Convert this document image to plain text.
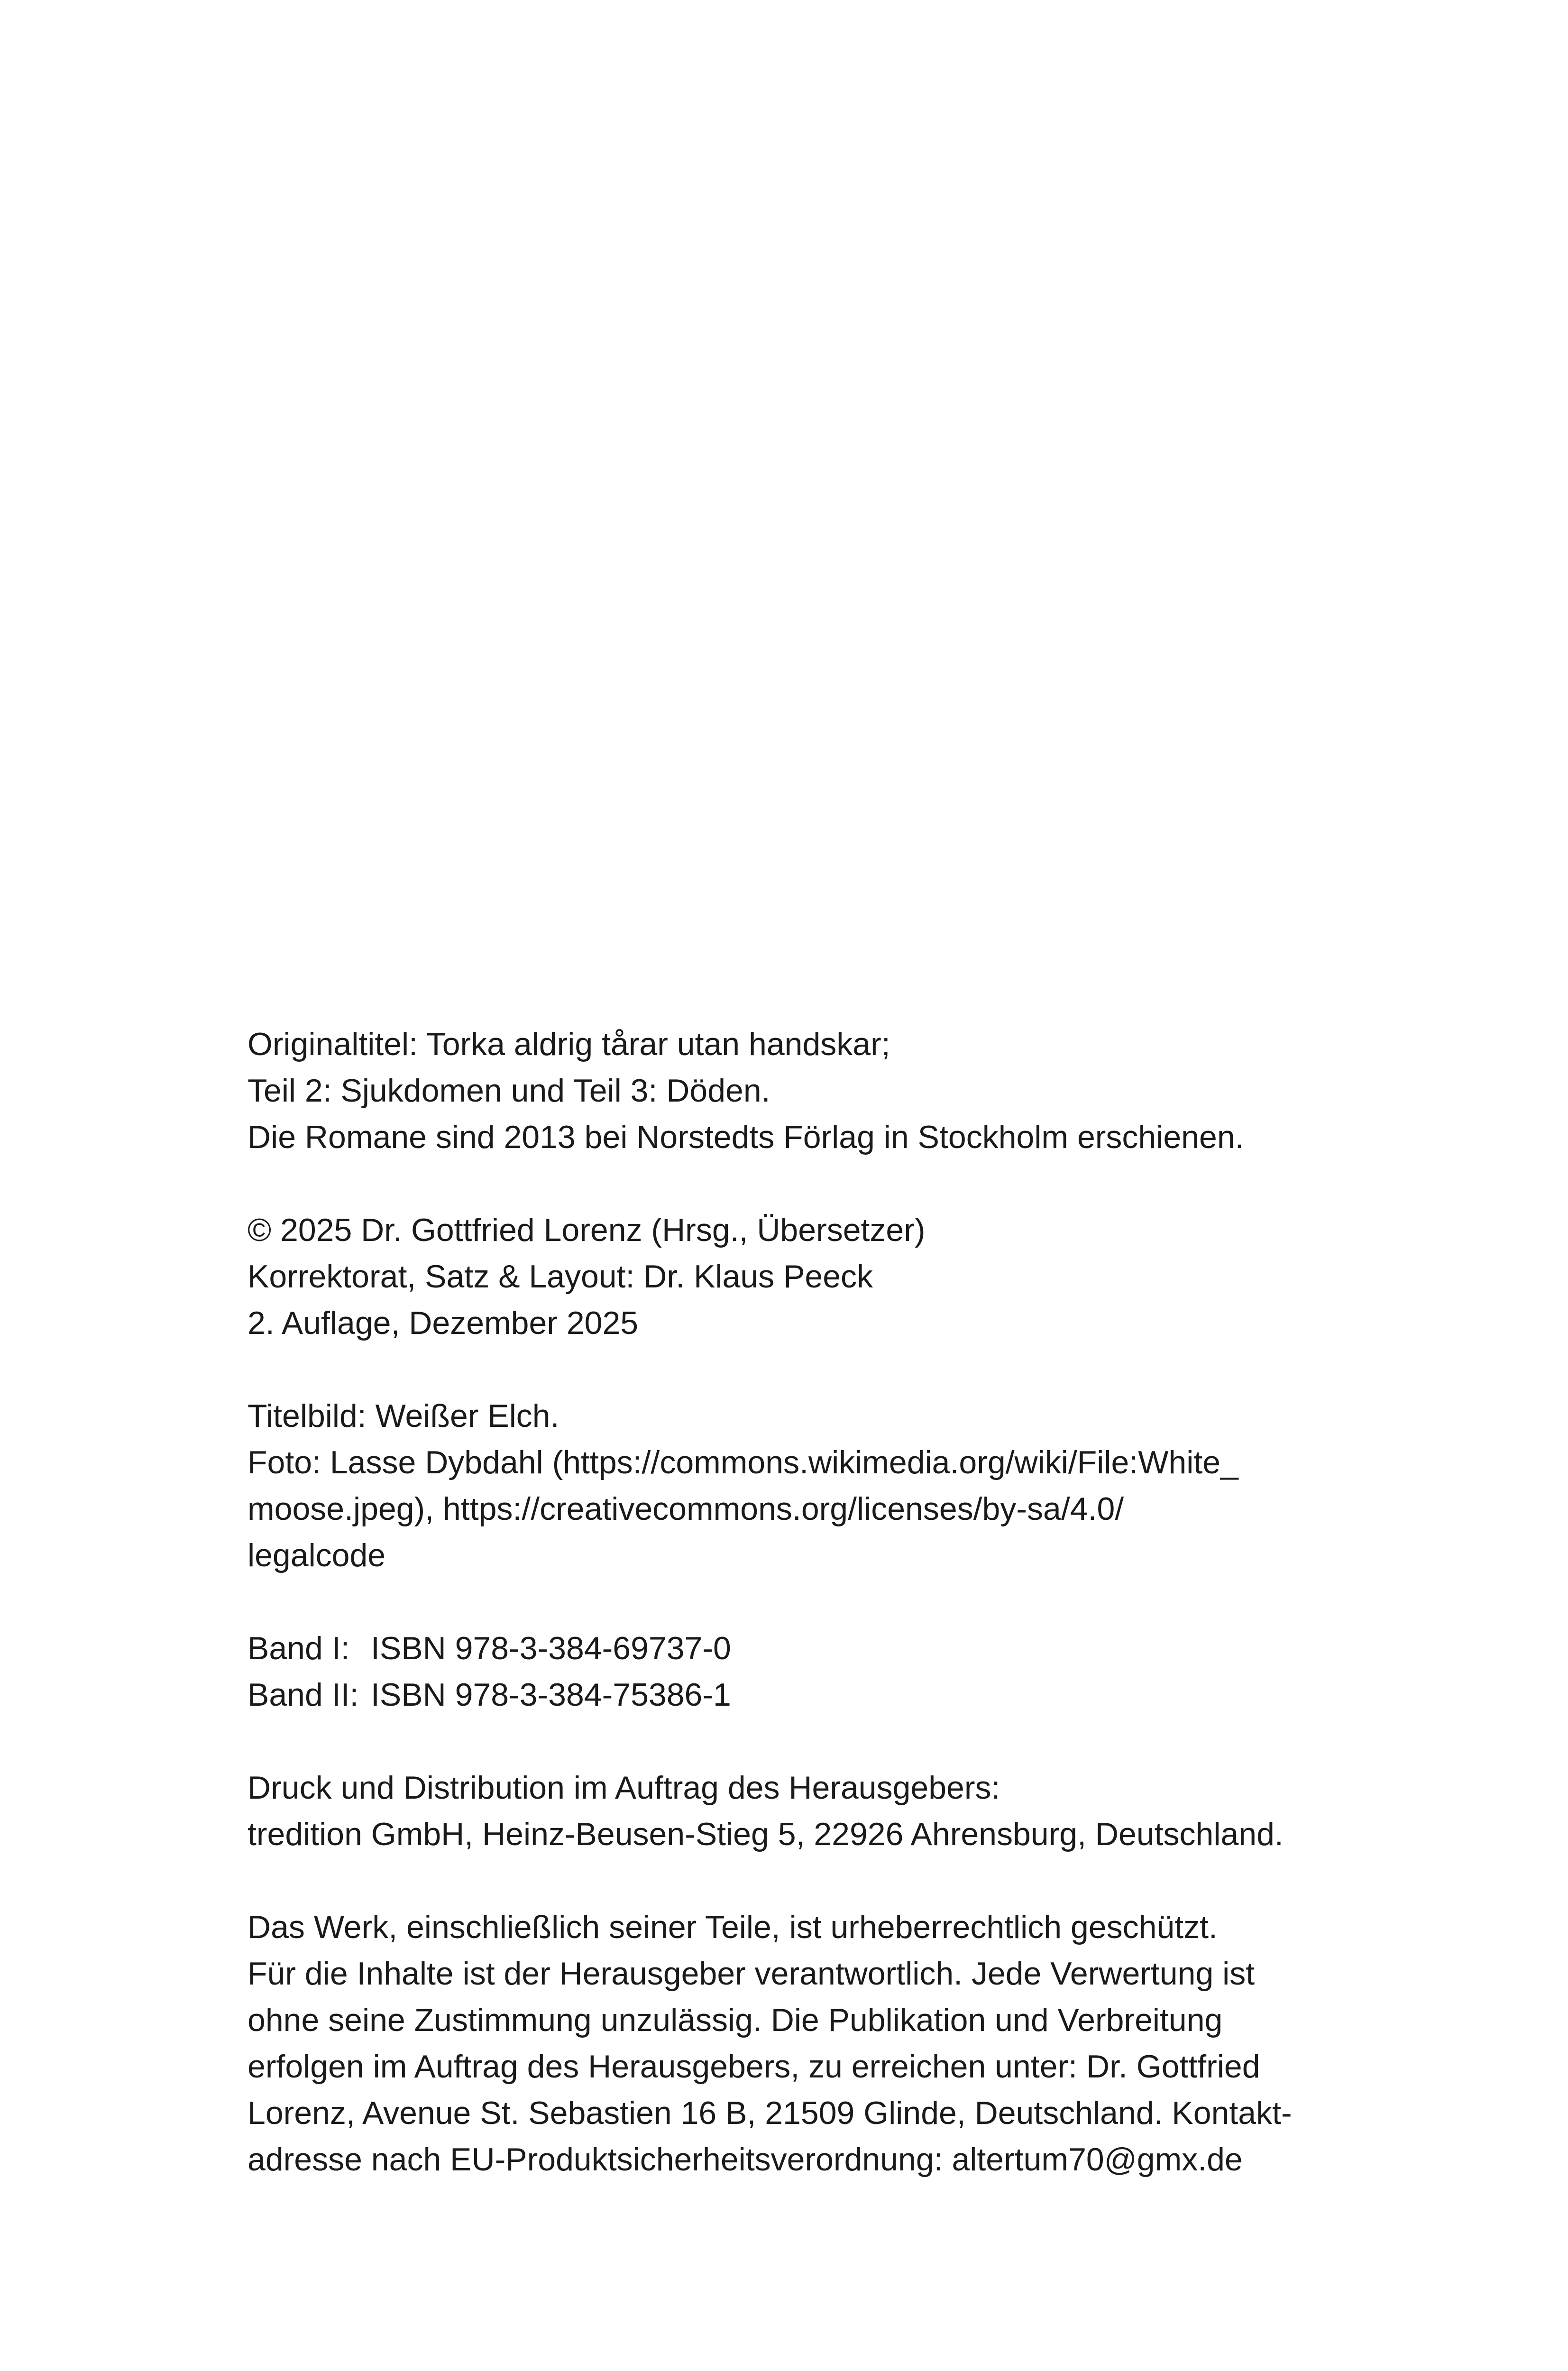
Originaltitel: Torka aldrig tårar utan handskar;
Teil 2: Sjukdomen und Teil 3: Döden.
Die Romane sind 2013 bei Norstedts Förlag in Stockholm erschienen.
© 2025 Dr. Gottfried Lorenz (Hrsg., Übersetzer)
Korrektorat, Satz & Layout: Dr. Klaus Peeck
2. Auflage, Dezember 2025
Titelbild: Weißer Elch.
Foto: Lasse Dybdahl (https://commons.wikimedia.org/wiki/File:White_
moose.jpeg), https://creativecommons.org/licenses/by-sa/4.0/
legalcode
Band I: ISBN 978-3-384-69737-0
Band II: ISBN 978-3-384-75386-1
Druck und Distribution im Auftrag des Herausgebers:
tredition GmbH, Heinz-Beusen-Stieg 5, 22926 Ahrensburg, Deutschland.
Das Werk, einschließlich seiner Teile, ist urheberrechtlich geschützt.
Für die Inhalte ist der Herausgeber verantwortlich. Jede Verwertung ist
ohne seine Zustimmung unzulässig. Die Publikation und Verbreitung
erfolgen im Auftrag des Herausgebers, zu erreichen unter: Dr. Gottfried
Lorenz, Avenue St. Sebastien 16 B, 21509 Glinde, Deutschland. Kontakt-
adresse nach EU-Produktsicherheitsverordnung: altertum70@gmx.de
